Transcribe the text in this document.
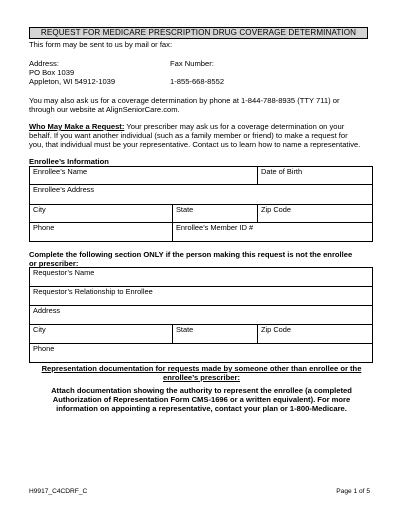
REQUEST FOR MEDICARE PRESCRIPTION DRUG COVERAGE DETERMINATION
This form may be sent to us by mail or fax:
Address:
PO Box 1039
Appleton, WI 54912-1039
Fax Number:
1-855-668-8552
You may also ask us for a coverage determination by phone at 1-844-788-8935 (TTY 711) or
through our website at AlignSeniorCare.com.
Who May Make a Request: Your prescriber may ask us for a coverage determination on your
behalf. If you want another individual (such as a family member or friend) to make a request for
you, that individual must be your representative. Contact us to learn how to name a representative.
Enrollee’s Information
Enrollee’s Name		Date of Birth
Enrollee’s Address		
City	State	Zip Code
Phone	Enrollee’s Member ID #	
Complete the following section ONLY if the person making this request is not the enrollee
or prescriber:
Requestor’s Name
Requestor’s Relationship to Enrollee
Address
City	State	Zip Code
Phone
Representation documentation for requests made by someone other than enrollee or the
enrollee’s prescriber:
Attach documentation showing the authority to represent the enrollee (a completed
Authorization of Representation Form CMS-1696 or a written equivalent). For more
information on appointing a representative, contact your plan or 1-800-Medicare.
H9917_C4CDRF_C	Page 1 of 5
